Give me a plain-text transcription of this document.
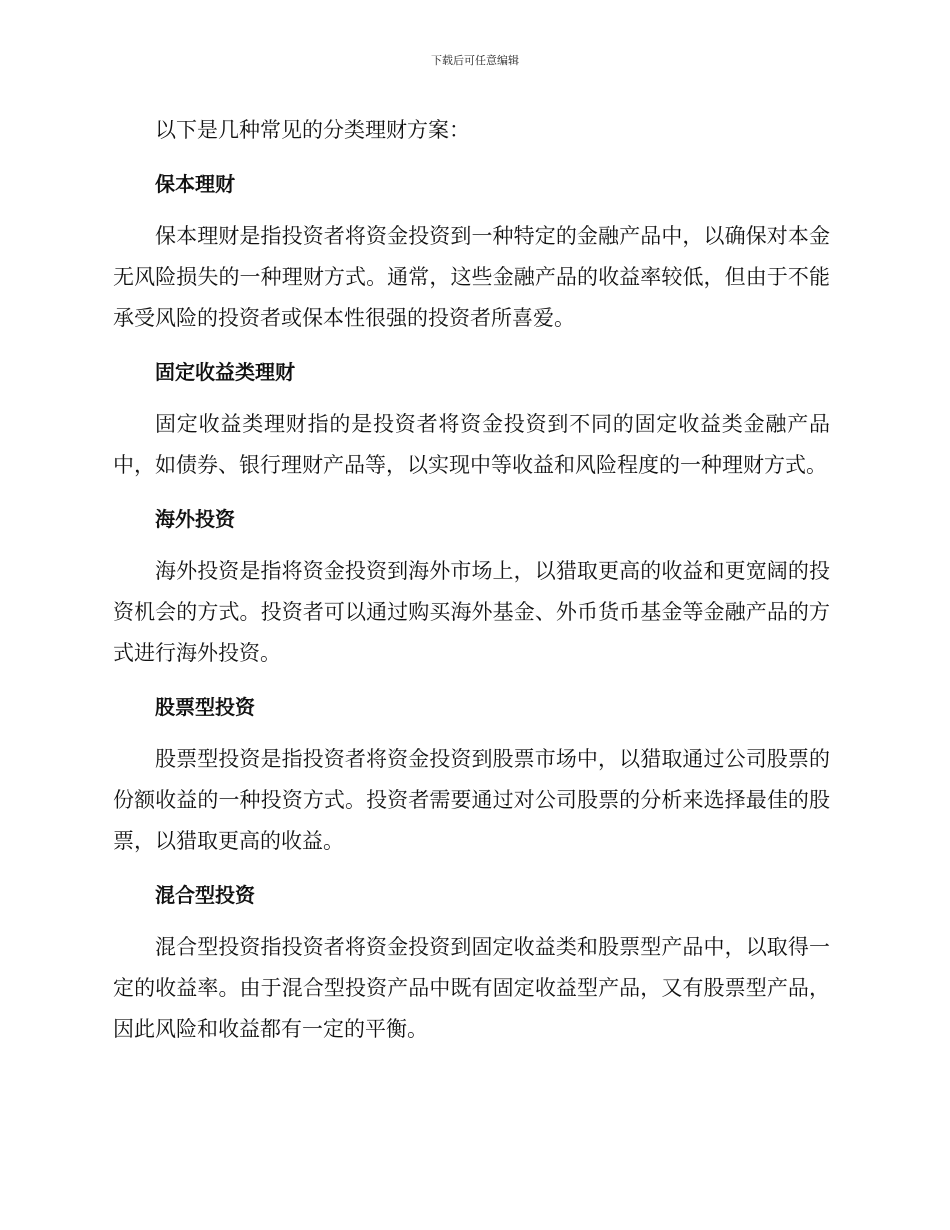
下载后可任意编辑

以下是几种常见的分类理财方案：

保本理财

保本理财是指投资者将资金投资到一种特定的金融产品中，以确保对本金无风险损失的一种理财方式。通常，这些金融产品的收益率较低，但由于不能承受风险的投资者或保本性很强的投资者所喜爱。

固定收益类理财

固定收益类理财指的是投资者将资金投资到不同的固定收益类金融产品中，如债券、银行理财产品等，以实现中等收益和风险程度的一种理财方式。

海外投资

海外投资是指将资金投资到海外市场上，以猎取更高的收益和更宽阔的投资机会的方式。投资者可以通过购买海外基金、外币货币基金等金融产品的方式进行海外投资。

股票型投资

股票型投资是指投资者将资金投资到股票市场中，以猎取通过公司股票的份额收益的一种投资方式。投资者需要通过对公司股票的分析来选择最佳的股票，以猎取更高的收益。

混合型投资

混合型投资指投资者将资金投资到固定收益类和股票型产品中，以取得一定的收益率。由于混合型投资产品中既有固定收益型产品，又有股票型产品，因此风险和收益都有一定的平衡。
